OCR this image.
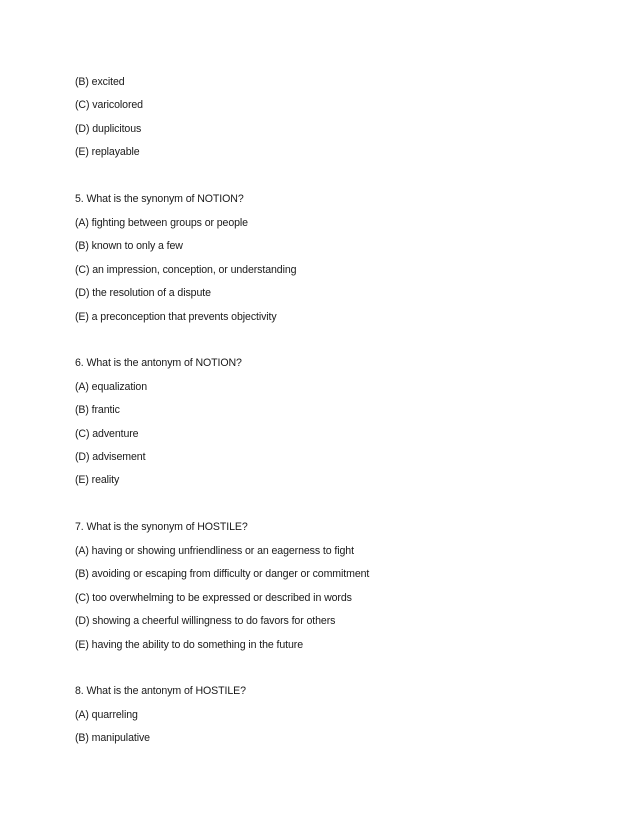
(B) excited
(C) varicolored
(D) duplicitous
(E) replayable
5. What is the synonym of NOTION?
(A) fighting between groups or people
(B) known to only a few
(C) an impression, conception, or understanding
(D) the resolution of a dispute
(E) a preconception that prevents objectivity
6. What is the antonym of NOTION?
(A) equalization
(B) frantic
(C) adventure
(D) advisement
(E) reality
7. What is the synonym of HOSTILE?
(A) having or showing unfriendliness or an eagerness to fight
(B) avoiding or escaping from difficulty or danger or commitment
(C) too overwhelming to be expressed or described in words
(D) showing a cheerful willingness to do favors for others
(E) having the ability to do something in the future
8. What is the antonym of HOSTILE?
(A) quarreling
(B) manipulative
